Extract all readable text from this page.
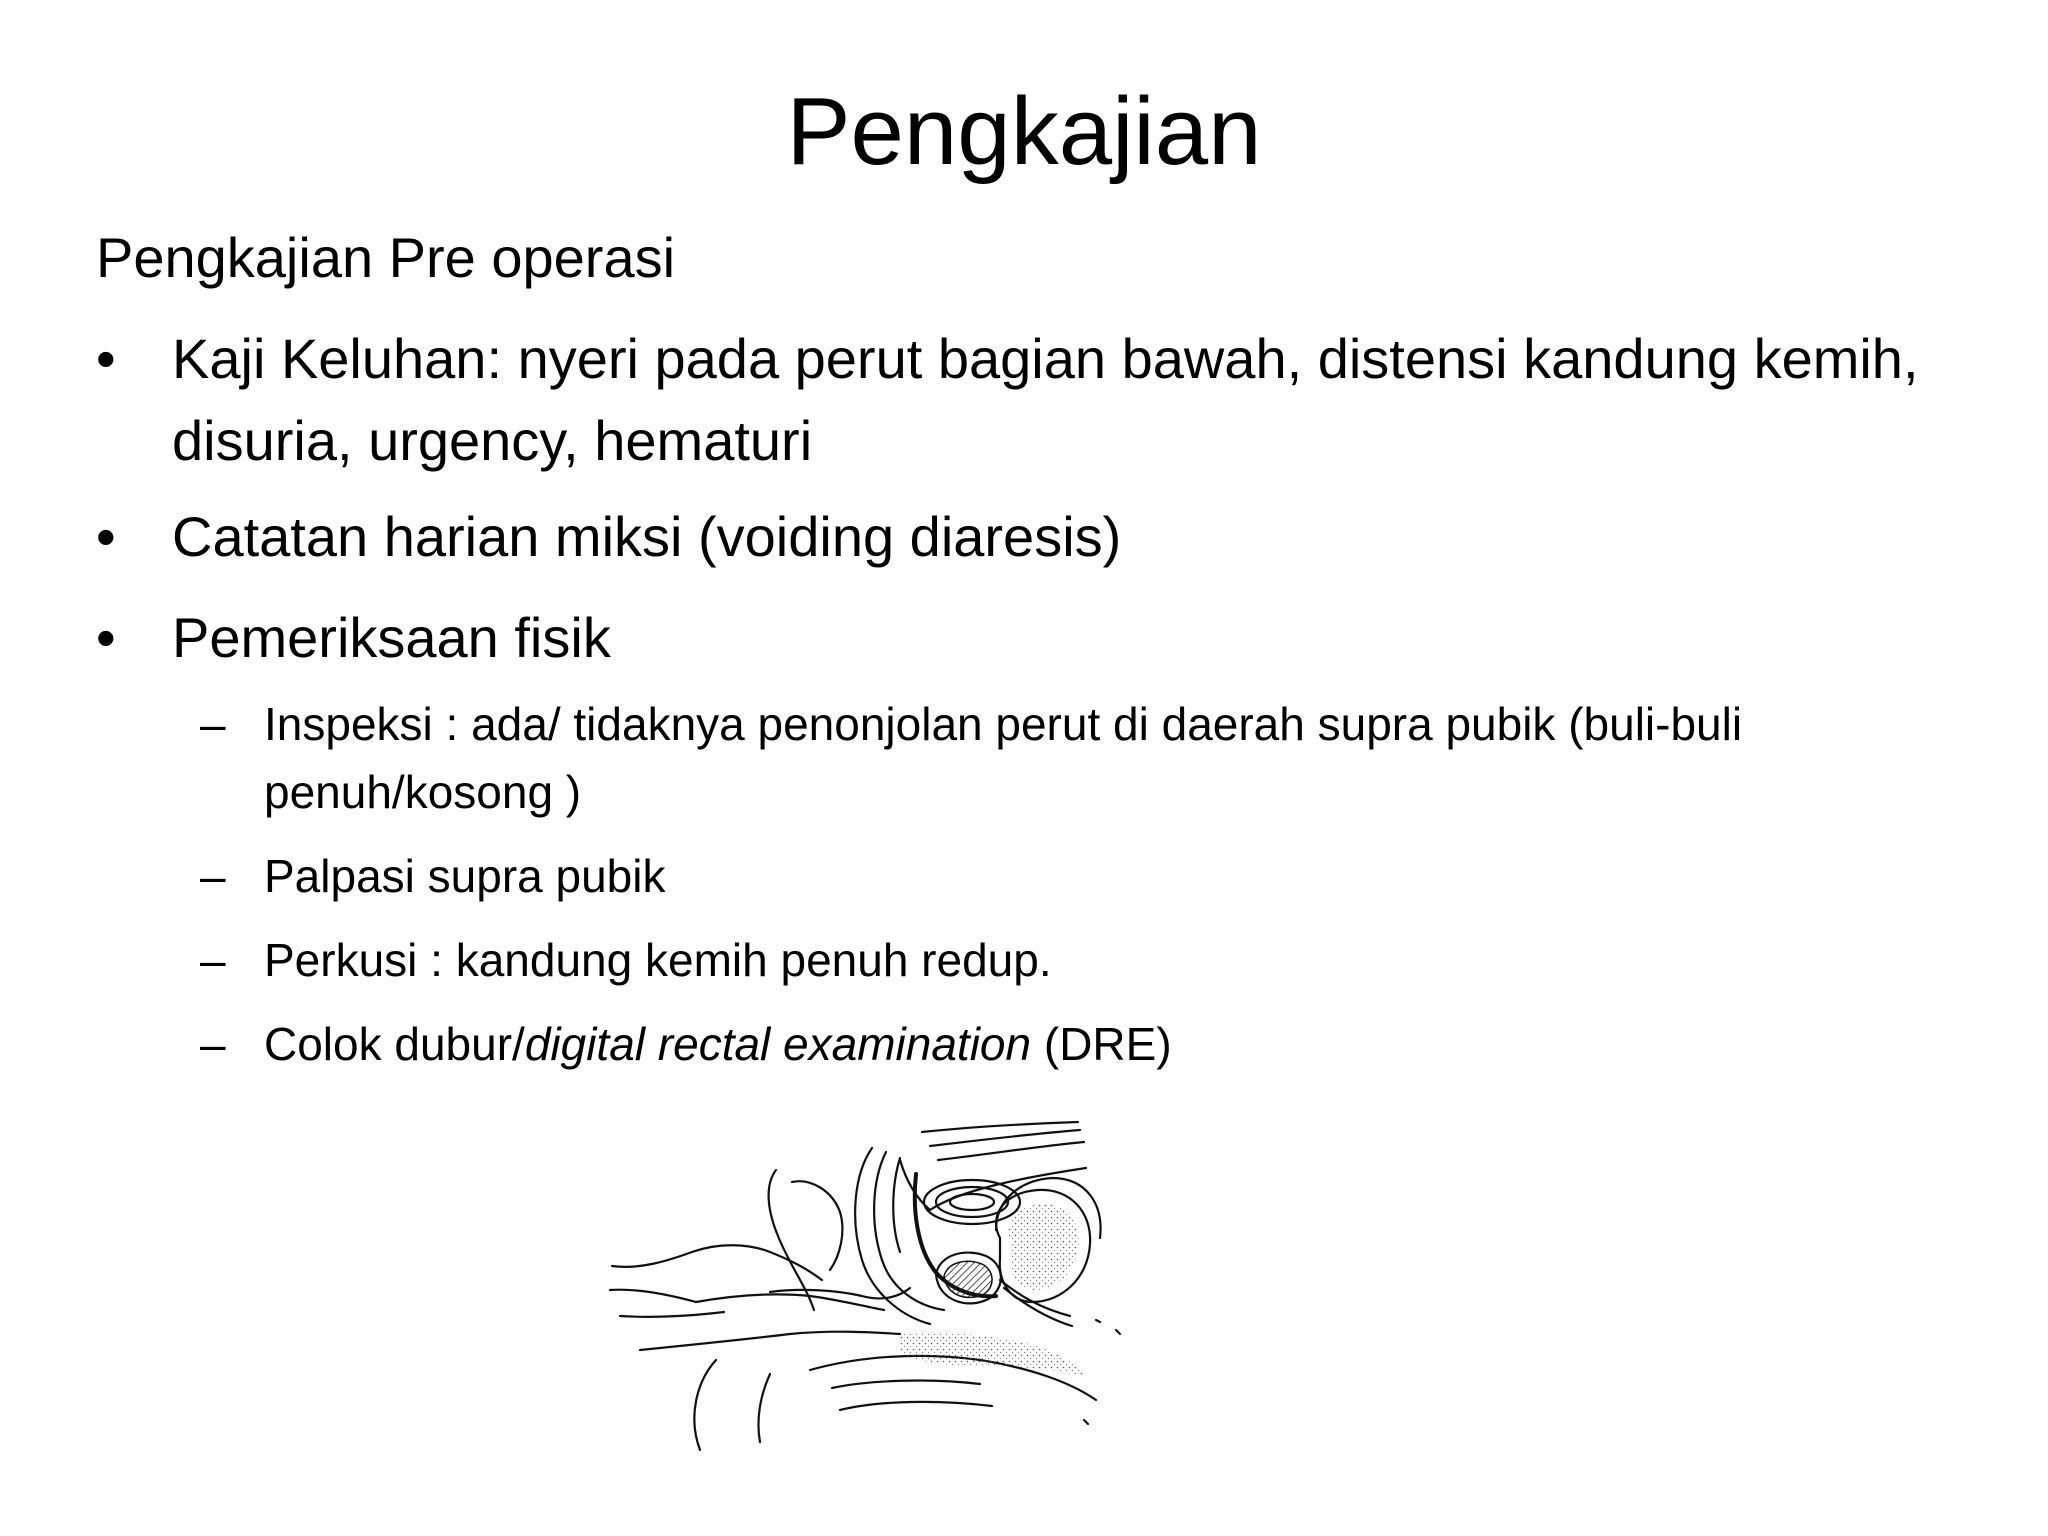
Pengkajian
Pengkajian Pre operasi
•	Kaji Keluhan: nyeri pada perut bagian bawah, distensi kandung kemih, disuria, urgency, hematuri
•	Catatan harian miksi (voiding diaresis)
•	Pemeriksaan fisik
– Inspeksi : ada/ tidaknya penonjolan perut di daerah supra pubik (buli-buli penuh/kosong )
– Palpasi supra pubik
– Perkusi : kandung kemih penuh redup.
– Colok dubur/digital rectal examination (DRE)
